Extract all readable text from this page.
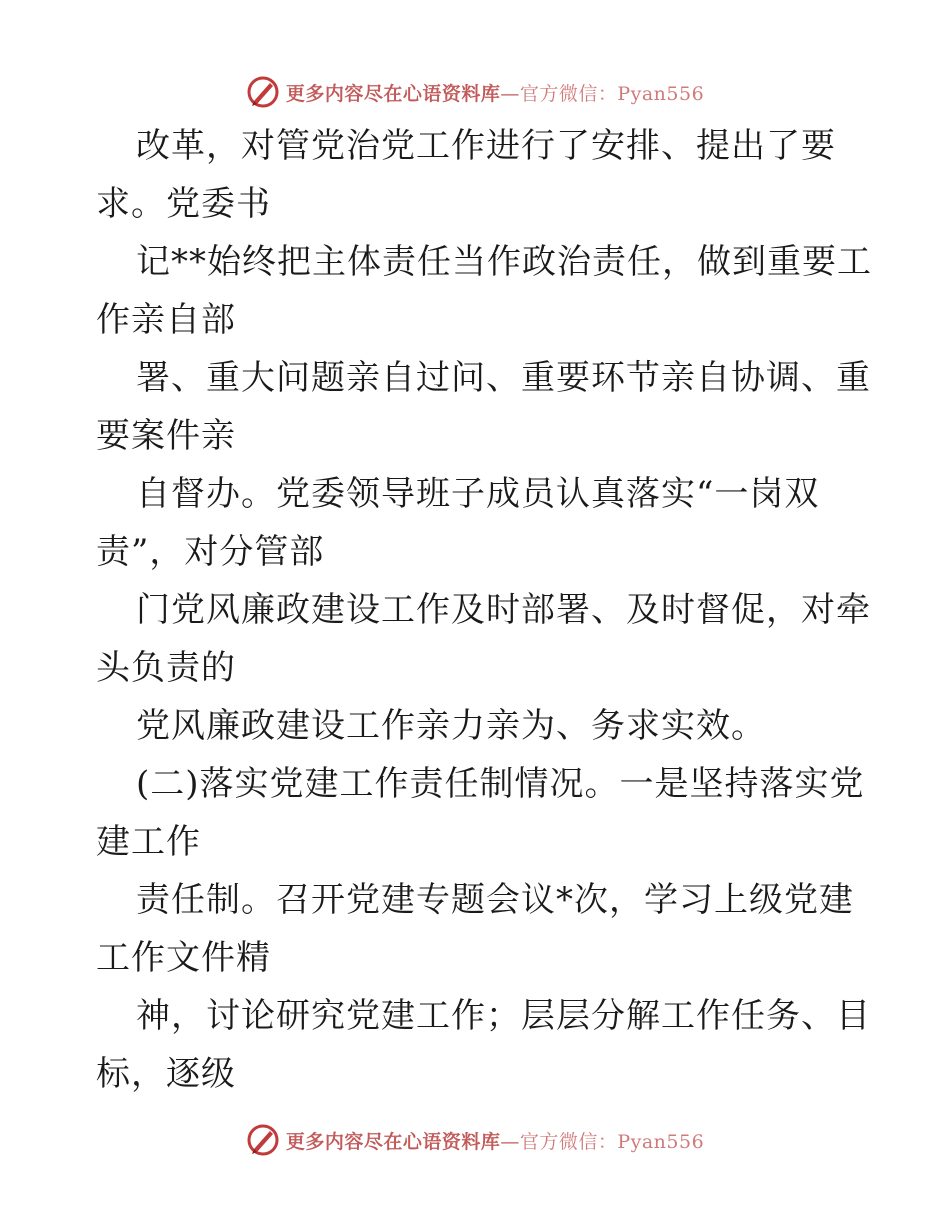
更多内容尽在心语资料库—官方微信：Pyan556
改革，对管党治党工作进行了安排、提出了要
求。党委书
记**始终把主体责任当作政治责任，做到重要工
作亲自部
署、重大问题亲自过问、重要环节亲自协调、重
要案件亲
自督办。党委领导班子成员认真落实“一岗双
责”，对分管部
门党风廉政建设工作及时部署、及时督促，对牵
头负责的
党风廉政建设工作亲力亲为、务求实效。
(二)落实党建工作责任制情况。一是坚持落实党
建工作
责任制。召开党建专题会议*次，学习上级党建
工作文件精
神，讨论研究党建工作；层层分解工作任务、目
标，逐级
更多内容尽在心语资料库—官方微信：Pyan556
